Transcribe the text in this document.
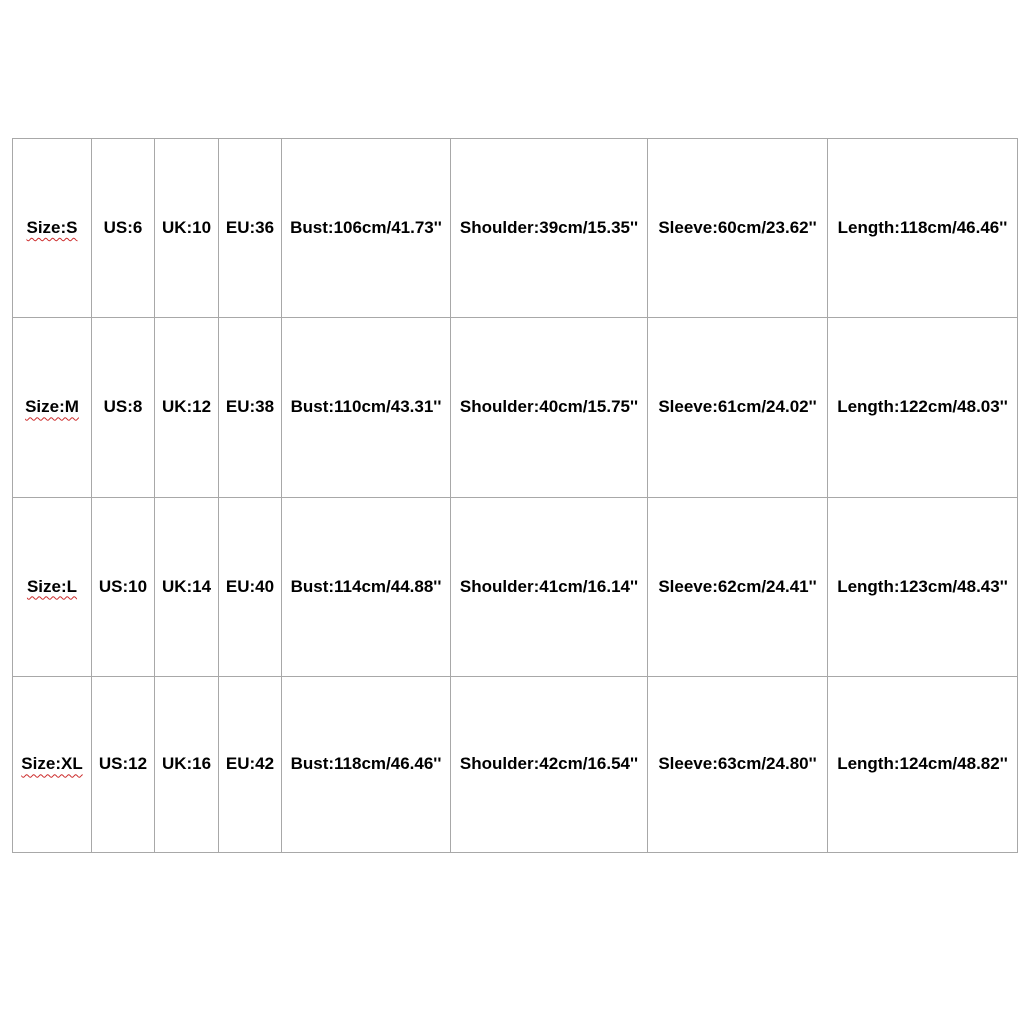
Size:S	US:6	UK:10	EU:36	Bust:106cm/41.73''	Shoulder:39cm/15.35''	Sleeve:60cm/23.62''	Length:118cm/46.46''
Size:M	US:8	UK:12	EU:38	Bust:110cm/43.31''	Shoulder:40cm/15.75''	Sleeve:61cm/24.02''	Length:122cm/48.03''
Size:L	US:10	UK:14	EU:40	Bust:114cm/44.88''	Shoulder:41cm/16.14''	Sleeve:62cm/24.41''	Length:123cm/48.43''
Size:XL	US:12	UK:16	EU:42	Bust:118cm/46.46''	Shoulder:42cm/16.54''	Sleeve:63cm/24.80''	Length:124cm/48.82''
